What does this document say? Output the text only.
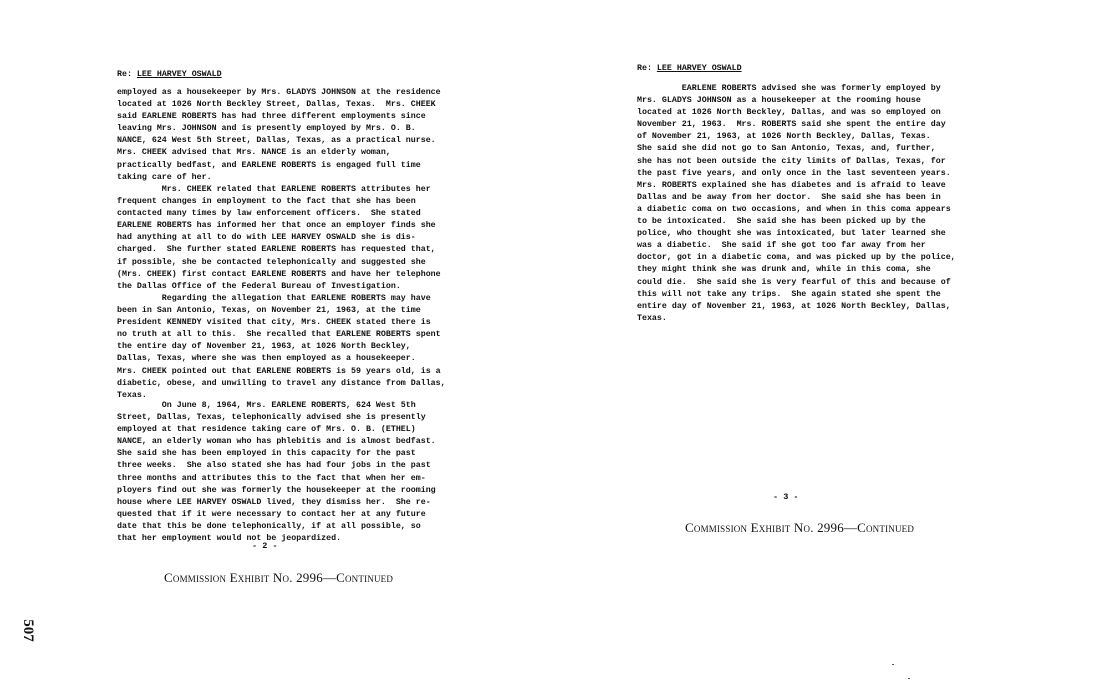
Re: LEE HARVEY OSWALD
employed as a housekeeper by Mrs. GLADYS JOHNSON at the residence
located at 1026 North Beckley Street, Dallas, Texas.  Mrs. CHEEK
said EARLENE ROBERTS has had three different employments since
leaving Mrs. JOHNSON and is presently employed by Mrs. O. B.
NANCE, 624 West 5th Street, Dallas, Texas, as a practical nurse.
Mrs. CHEEK advised that Mrs. NANCE is an elderly woman,
practically bedfast, and EARLENE ROBERTS is engaged full time
taking care of her.
Mrs. CHEEK related that EARLENE ROBERTS attributes her
frequent changes in employment to the fact that she has been
contacted many times by law enforcement officers.  She stated
EARLENE ROBERTS has informed her that once an employer finds she
had anything at all to do with LEE HARVEY OSWALD she is dis-
charged.  She further stated EARLENE ROBERTS has requested that,
if possible, she be contacted telephonically and suggested she
(Mrs. CHEEK) first contact EARLENE ROBERTS and have her telephone
the Dallas Office of the Federal Bureau of Investigation.
Regarding the allegation that EARLENE ROBERTS may have
been in San Antonio, Texas, on November 21, 1963, at the time
President KENNEDY visited that city, Mrs. CHEEK stated there is
no truth at all to this.  She recalled that EARLENE ROBERTS spent
the entire day of November 21, 1963, at 1026 North Beckley,
Dallas, Texas, where she was then employed as a housekeeper.
Mrs. CHEEK pointed out that EARLENE ROBERTS is 59 years old, is a
diabetic, obese, and unwilling to travel any distance from Dallas,
Texas.
On June 8, 1964, Mrs. EARLENE ROBERTS, 624 West 5th
Street, Dallas, Texas, telephonically advised she is presently
employed at that residence taking care of Mrs. O. B. (ETHEL)
NANCE, an elderly woman who has phlebitis and is almost bedfast.
She said she has been employed in this capacity for the past
three weeks.  She also stated she has had four jobs in the past
three months and attributes this to the fact that when her em-
ployers find out she was formerly the housekeeper at the rooming
house where LEE HARVEY OSWALD lived, they dismiss her.  She re-
quested that if it were necessary to contact her at any future
date that this be done telephonically, if at all possible, so
that her employment would not be jeopardized.
- 2 -
Commission Exhibit No. 2996—Continued
Re: LEE HARVEY OSWALD
EARLENE ROBERTS advised she was formerly employed by
Mrs. GLADYS JOHNSON as a housekeeper at the rooming house
located at 1026 North Beckley, Dallas, and was so employed on
November 21, 1963.  Mrs. ROBERTS said she spent the entire day
of November 21, 1963, at 1026 North Beckley, Dallas, Texas.
She said she did not go to San Antonio, Texas, and, further,
she has not been outside the city limits of Dallas, Texas, for
the past five years, and only once in the last seventeen years.
Mrs. ROBERTS explained she has diabetes and is afraid to leave
Dallas and be away from her doctor.  She said she has been in
a diabetic coma on two occasions, and when in this coma appears
to be intoxicated.  She said she has been picked up by the
police, who thought she was intoxicated, but later learned she
was a diabetic.  She said if she got too far away from her
doctor, got in a diabetic coma, and was picked up by the police,
they might think she was drunk and, while in this coma, she
could die.  She said she is very fearful of this and because of
this will not take any trips.  She again stated she spent the
entire day of November 21, 1963, at 1026 North Beckley, Dallas,
Texas.
- 3 -
Commission Exhibit No. 2996—Continued
507
